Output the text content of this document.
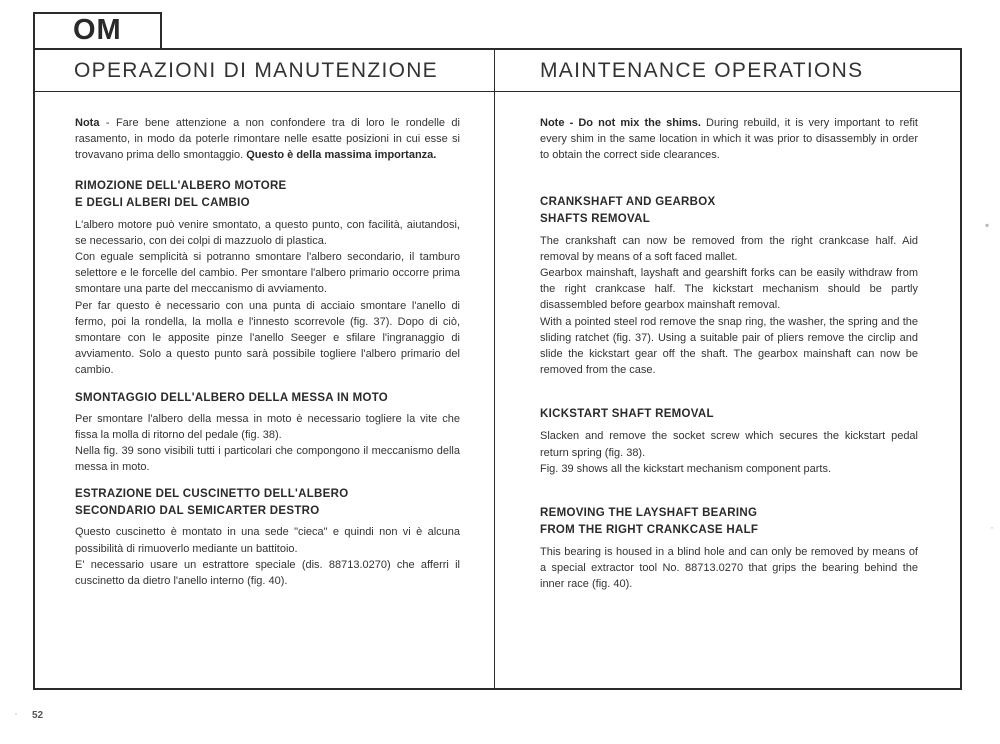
OM
OPERAZIONI DI MANUTENZIONE	MAINTENANCE OPERATIONS

Nota - Fare bene attenzione a non confondere tra di loro le rondelle di rasamento, in modo da poterle rimontare nelle esatte posizioni in cui esse si trovavano prima dello smontaggio. Questo è della massima importanza.

RIMOZIONE DELL'ALBERO MOTORE
E DEGLI ALBERI DEL CAMBIO

L'albero motore può venire smontato, a questo punto, con facilità, aiutandosi, se necessario, con dei colpi di mazzuolo di plastica.

Con eguale semplicità si potranno smontare l'albero secondario, il tamburo selettore e le forcelle del cambio. Per smontare l'albero primario occorre prima smontare una parte del meccanismo di avviamento.

Per far questo è necessario con una punta di acciaio smontare l'anello di fermo, poi la rondella, la molla e l'innesto scorrevole (fig. 37). Dopo di ciò, smontare con le apposite pinze l'anello Seeger e sfilare l'ingranaggio di avviamento. Solo a questo punto sarà possibile togliere l'albero primario del cambio.

SMONTAGGIO DELL'ALBERO DELLA MESSA IN MOTO

Per smontare l'albero della messa in moto è necessario togliere la vite che fissa la molla di ritorno del pedale (fig. 38).

Nella fig. 39 sono visibili tutti i particolari che compongono il meccanismo della messa in moto.

ESTRAZIONE DEL CUSCINETTO DELL'ALBERO
SECONDARIO DAL SEMICARTER DESTRO

Questo cuscinetto è montato in una sede "cieca" e quindi non vi è alcuna possibilità di rimuoverlo mediante un battitoio.

E' necessario usare un estrattore speciale (dis. 88713.0270) che afferri il cuscinetto da dietro l'anello interno (fig. 40).

Note - Do not mix the shims. During rebuild, it is very important to refit every shim in the same location in which it was prior to disassembly in order to obtain the correct side clearances.

CRANKSHAFT AND GEARBOX
SHAFTS REMOVAL

The crankshaft can now be removed from the right crankcase half. Aid removal by means of a soft faced mallet.

Gearbox mainshaft, layshaft and gearshift forks can be easily withdraw from the right crankcase half. The kickstart mechanism should be partly disassembled before gearbox mainshaft removal.

With a pointed steel rod remove the snap ring, the washer, the spring and the sliding ratchet (fig. 37). Using a suitable pair of pliers remove the circlip and slide the kickstart gear off the shaft. The gearbox mainshaft can now be removed from the case.

KICKSTART SHAFT REMOVAL

Slacken and remove the socket screw which secures the kickstart pedal return spring (fig. 38).

Fig. 39 shows all the kickstart mechanism component parts.

REMOVING THE LAYSHAFT BEARING
FROM THE RIGHT CRANKCASE HALF

This bearing is housed in a blind hole and can only be removed by means of a special extractor tool No. 88713.0270 that grips the bearing behind the inner race (fig. 40).

52
▪
·
·
